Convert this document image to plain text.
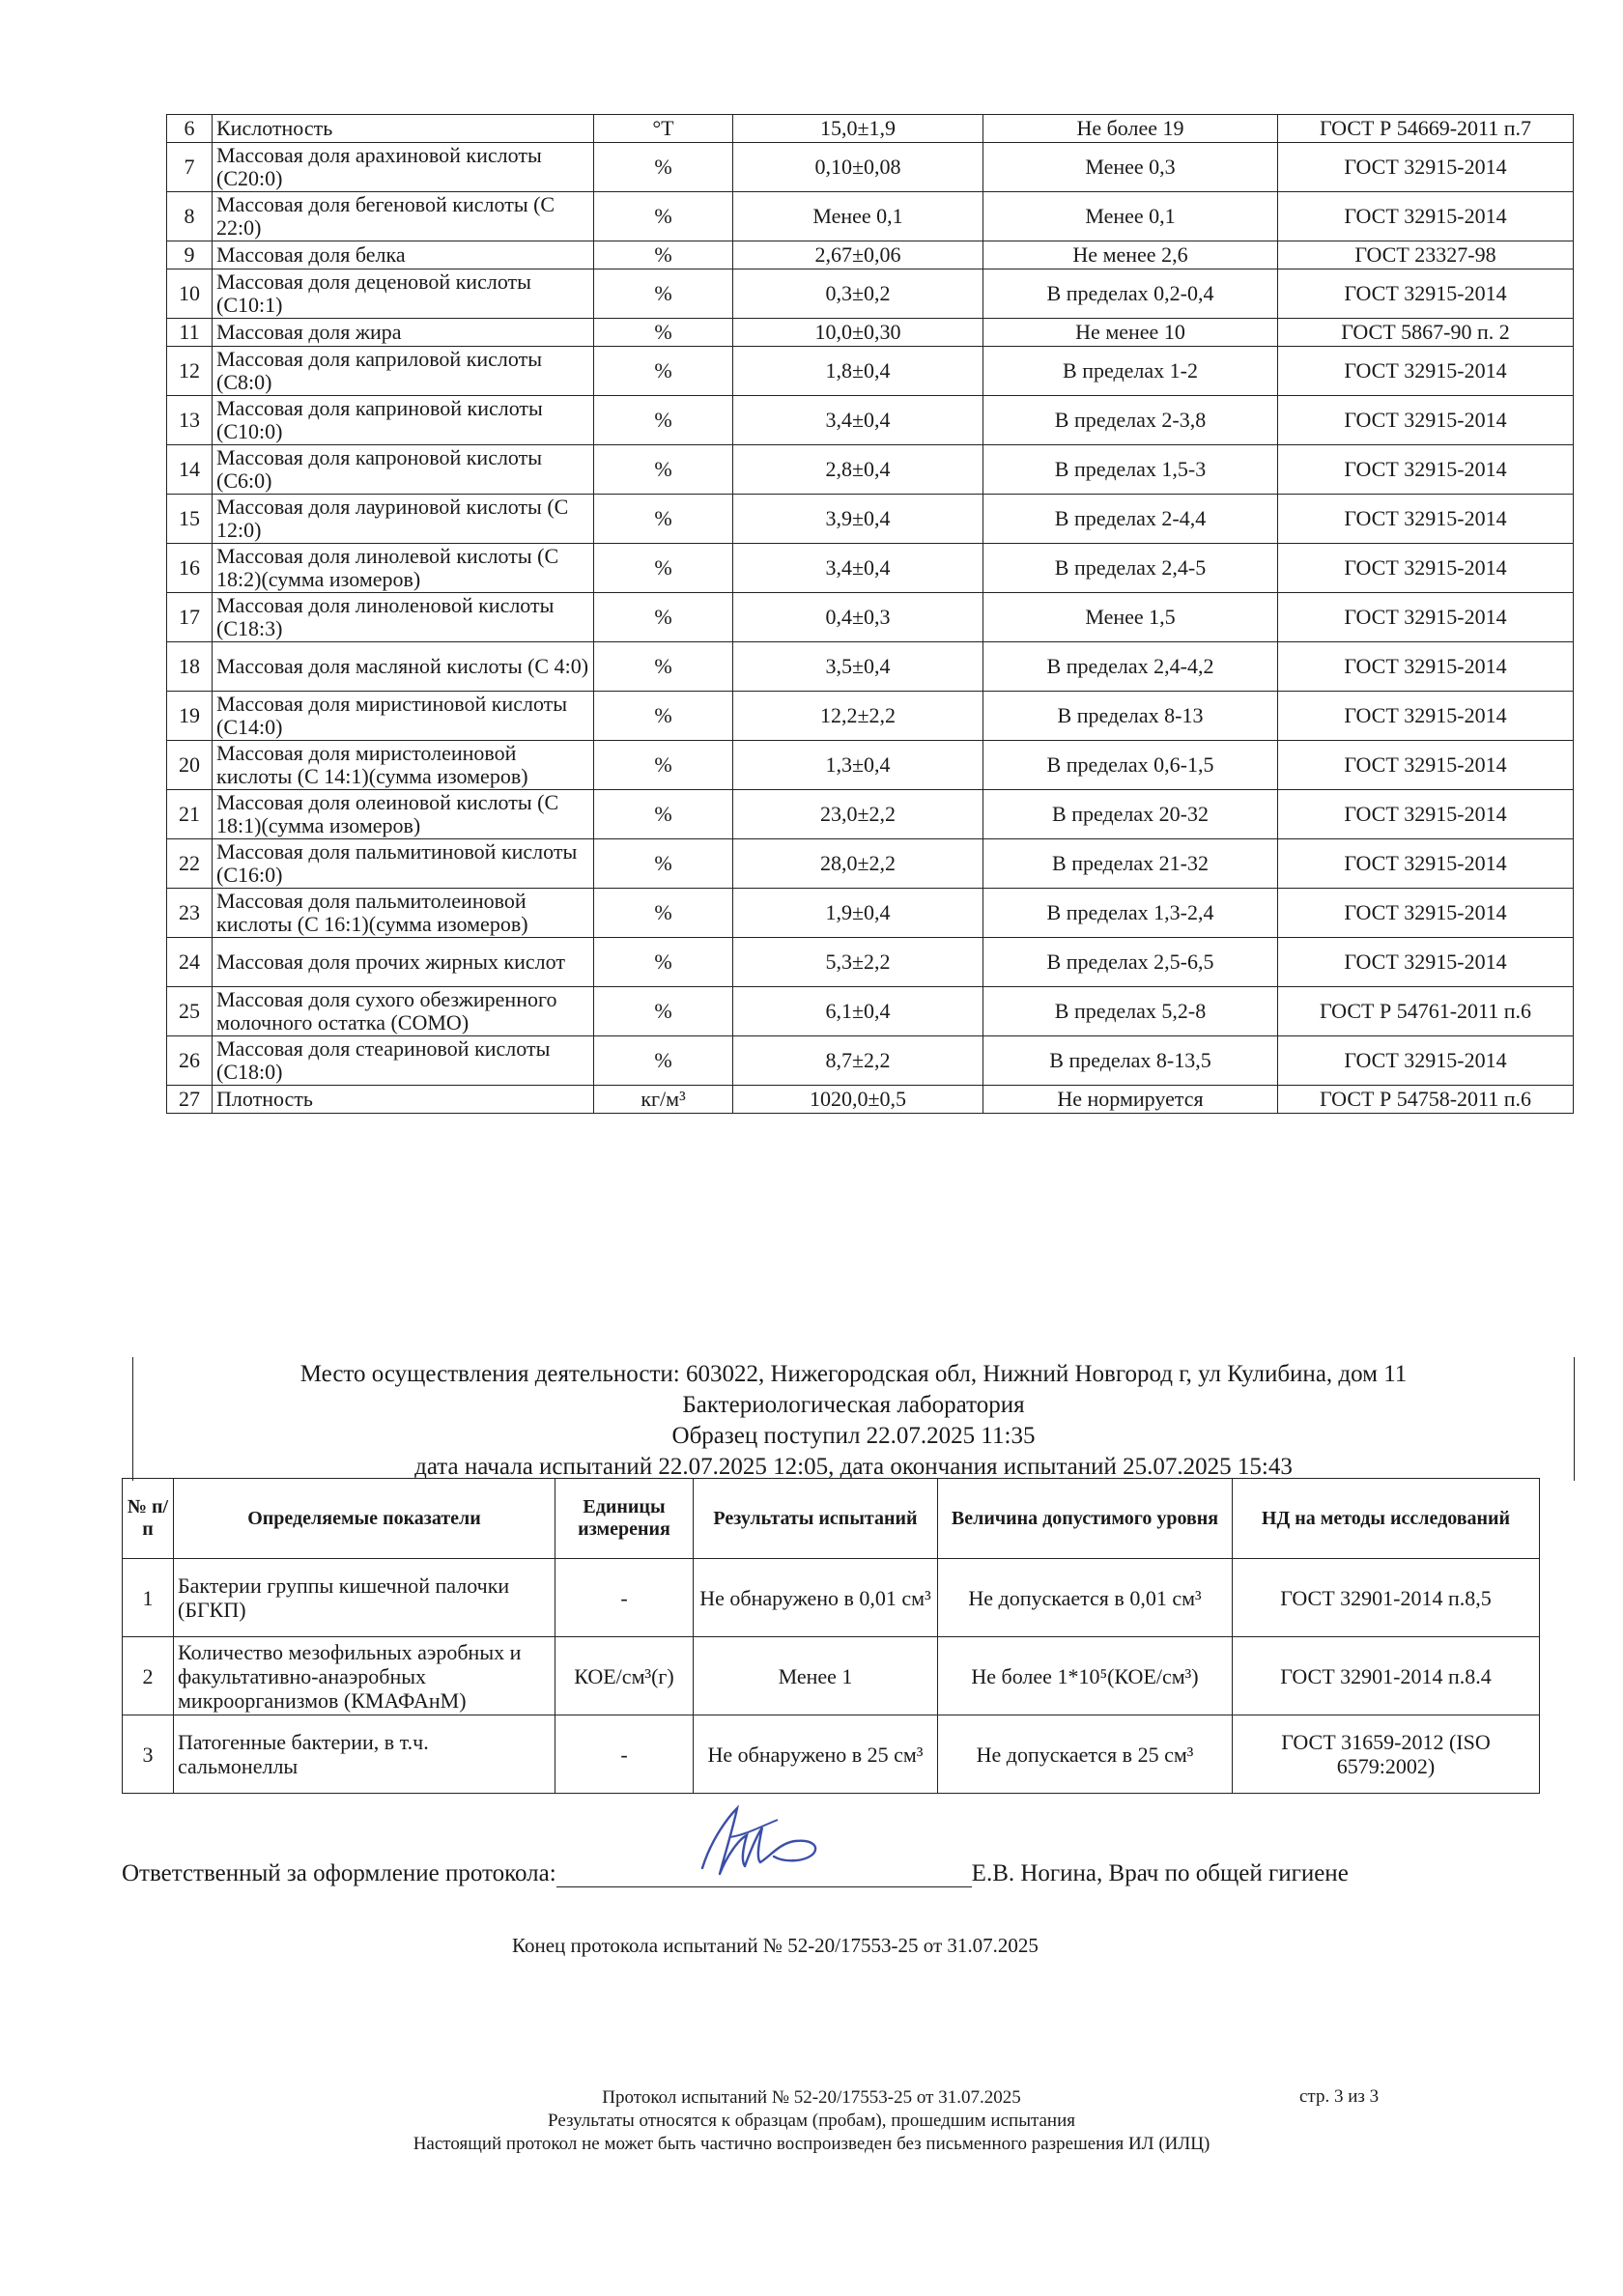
6	Кислотность	°T	15,0±1,9	Не более 19	ГОСТ Р 54669-2011 п.7
7	Массовая доля арахиновой кислоты (C20:0)	%	0,10±0,08	Менее 0,3	ГОСТ 32915-2014
8	Массовая доля бегеновой кислоты (C 22:0)	%	Менее 0,1	Менее 0,1	ГОСТ 32915-2014
9	Массовая доля белка	%	2,67±0,06	Не менее 2,6	ГОСТ 23327-98
10	Массовая доля деценовой кислоты (C10:1)	%	0,3±0,2	В пределах 0,2-0,4	ГОСТ 32915-2014
11	Массовая доля жира	%	10,0±0,30	Не менее 10	ГОСТ 5867-90 п. 2
12	Массовая доля каприловой кислоты (C8:0)	%	1,8±0,4	В пределах 1-2	ГОСТ 32915-2014
13	Массовая доля каприновой кислоты (C10:0)	%	3,4±0,4	В пределах 2-3,8	ГОСТ 32915-2014
14	Массовая доля капроновой кислоты (C6:0)	%	2,8±0,4	В пределах 1,5-3	ГОСТ 32915-2014
15	Массовая доля лауриновой кислоты (C 12:0)	%	3,9±0,4	В пределах 2-4,4	ГОСТ 32915-2014
16	Массовая доля линолевой кислоты (C 18:2)(сумма изомеров)	%	3,4±0,4	В пределах 2,4-5	ГОСТ 32915-2014
17	Массовая доля линоленовой кислоты (C18:3)	%	0,4±0,3	Менее 1,5	ГОСТ 32915-2014
18	Массовая доля масляной кислоты (C 4:0)	%	3,5±0,4	В пределах 2,4-4,2	ГОСТ 32915-2014
19	Массовая доля миристиновой кислоты (C14:0)	%	12,2±2,2	В пределах 8-13	ГОСТ 32915-2014
20	Массовая доля миристолеиновой кислоты (C 14:1)(сумма изомеров)	%	1,3±0,4	В пределах 0,6-1,5	ГОСТ 32915-2014
21	Массовая доля олеиновой кислоты (C 18:1)(сумма изомеров)	%	23,0±2,2	В пределах 20-32	ГОСТ 32915-2014
22	Массовая доля пальмитиновой кислоты (C16:0)	%	28,0±2,2	В пределах 21-32	ГОСТ 32915-2014
23	Массовая доля пальмитолеиновой кислоты (C 16:1)(сумма изомеров)	%	1,9±0,4	В пределах 1,3-2,4	ГОСТ 32915-2014
24	Массовая доля прочих жирных кислот	%	5,3±2,2	В пределах 2,5-6,5	ГОСТ 32915-2014
25	Массовая доля сухого обезжиренного молочного остатка (СОМО)	%	6,1±0,4	В пределах 5,2-8	ГОСТ Р 54761-2011 п.6
26	Массовая доля стеариновой кислоты (C18:0)	%	8,7±2,2	В пределах 8-13,5	ГОСТ 32915-2014
27	Плотность	кг/м³	1020,0±0,5	Не нормируется	ГОСТ Р 54758-2011 п.6
Место осуществления деятельности: 603022, Нижегородская обл, Нижний Новгород г, ул Кулибина, дом 11
Бактериологическая лаборатория
Образец поступил 22.07.2025 11:35
дата начала испытаний 22.07.2025 12:05, дата окончания испытаний 25.07.2025 15:43
№ п/п	Определяемые показатели	Единицы измерения	Результаты испытаний	Величина допустимого уровня	НД на методы исследований
1	Бактерии группы кишечной палочки (БГКП)	-	Не обнаружено в 0,01 см³	Не допускается в 0,01 см³	ГОСТ 32901-2014 п.8,5
2	Количество мезофильных аэробных и факультативно-анаэробных микроорганизмов (КМАФАнМ)	КОЕ/см³(г)	Менее 1	Не более 1*10⁵(КОЕ/см³)	ГОСТ 32901-2014 п.8.4
3	Патогенные бактерии, в т.ч. сальмонеллы	-	Не обнаружено в 25 см³	Не допускается в 25 см³	ГОСТ 31659-2012 (ISO 6579:2002)
Ответственный за оформление протокола:	Е.В. Ногина, Врач по общей гигиене
Конец протокола испытаний № 52-20/17553-25 от 31.07.2025
Протокол испытаний № 52-20/17553-25 от 31.07.2025
Результаты относятся к образцам (пробам), прошедшим испытания
Настоящий протокол не может быть частично воспроизведен без письменного разрешения ИЛ (ИЛЦ)
стр. 3 из 3
